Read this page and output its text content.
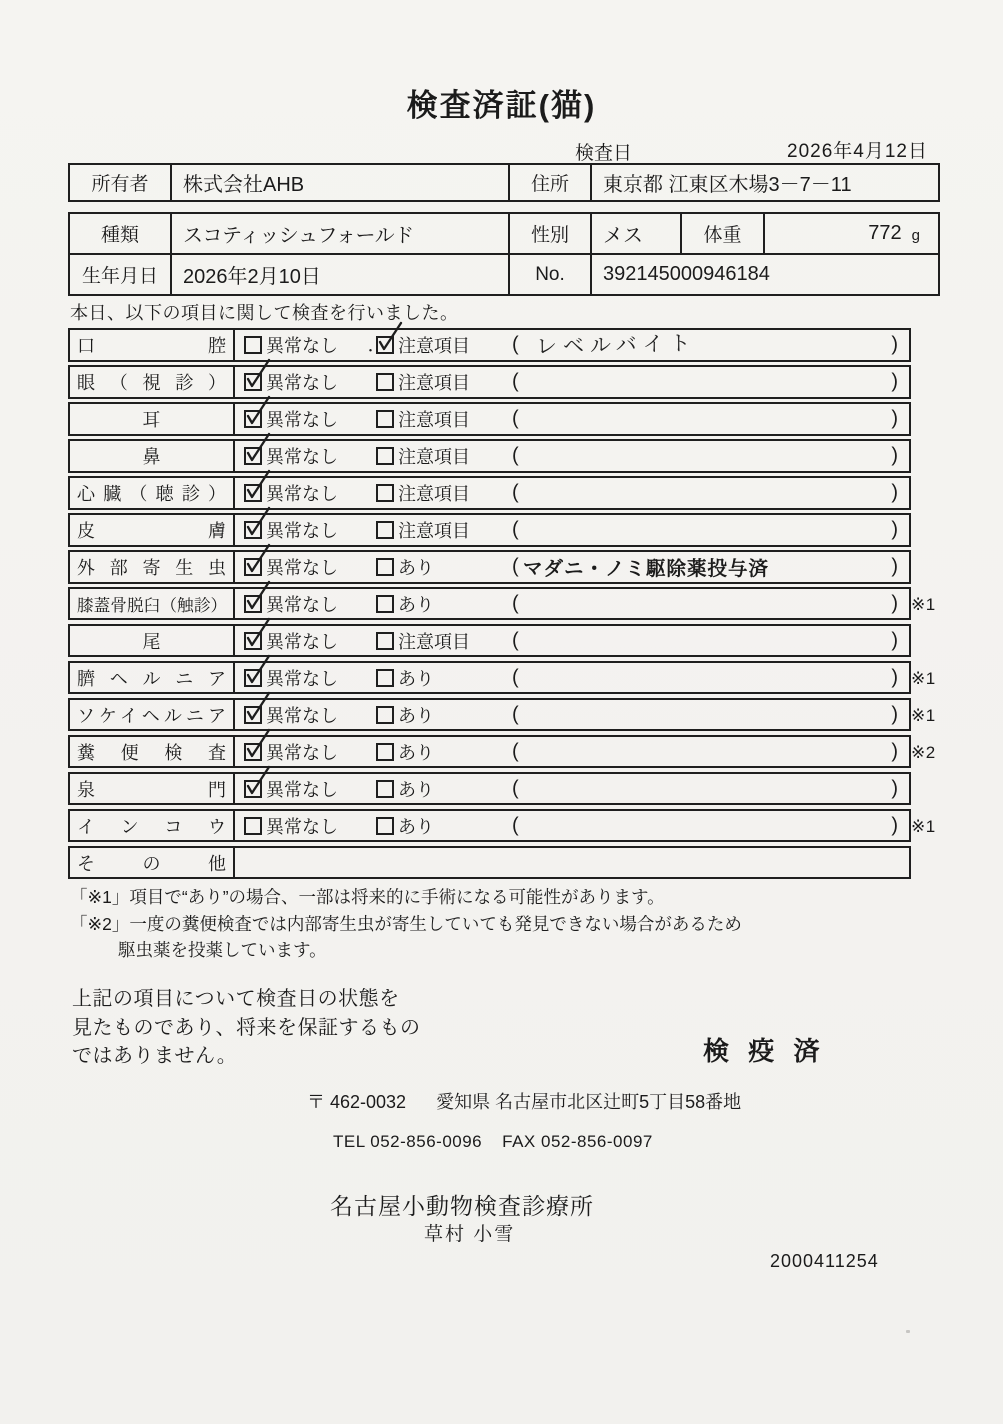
検査済証(猫)
検査日	2026年4月12日
所有者	株式会社AHB	住所	東京都 江東区木場3－7－11
種類	スコティッシュフォールド	性別	メス	体重	772 g
生年月日	2026年2月10日	No.	392145000946184
本日、以下の項目に関して検査を行いました。
口 腔 異常なし ・ 注意項目 ( レベルバイト	)
眼 （ 視 診 ） 異常なし	注意項目 (	)
耳	異常なし	注意項目 (	)
鼻	異常なし	注意項目 (	)
心 臓 （ 聴 診 ） 異常なし	注意項目 (	)
皮 膚 異常なし	注意項目 (	)
外 部 寄 生 虫 異常なし	あり	( マダニ・ノミ駆除薬投与済	)
膝蓋骨脱臼（触診） 異常なし	あり	(	) ※1
尾	異常なし	注意項目 (	)
臍 ヘ ル ニ ア 異常なし	あり	(	) ※1
ソケイヘルニア 異常なし	あり	(	) ※1
糞 便 検 査 異常なし	あり	(	) ※2
泉 門 異常なし	あり	(	)
イ ン コ ウ 異常なし	あり	(	) ※1
そ の 他
「※1」項目で“あり”の場合、一部は将来的に手術になる可能性があります。
「※2」一度の糞便検査では内部寄生虫が寄生していても発見できない場合があるため
駆虫薬を投薬しています。
上記の項目について検査日の状態を
見たものであり、将来を保証するもの
ではありません。	検 疫 済
〒 462-0032 愛知県 名古屋市北区辻町5丁目58番地
TEL 052-856-0096 FAX 052-856-0097
名古屋小動物検査診療所
草村 小雪
2000411254
